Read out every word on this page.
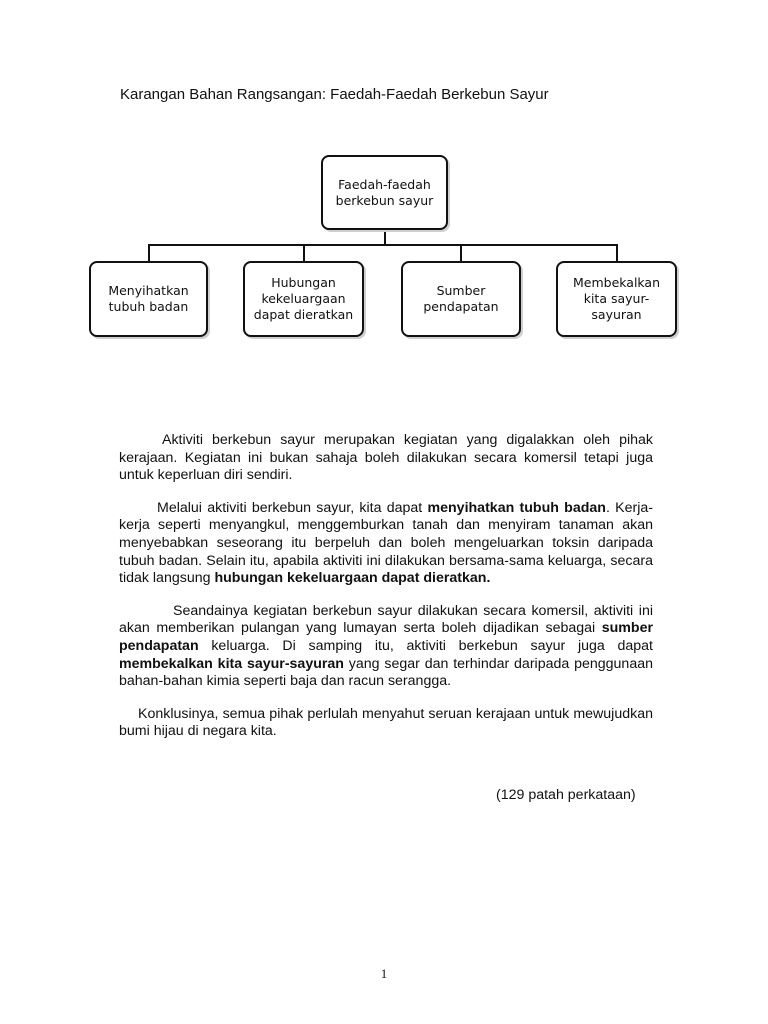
Karangan Bahan Rangsangan: Faedah-Faedah Berkebun Sayur
Faedah-faedah
berkebun sayur
Menyihatkan
tubuh badan
Hubungan
kekeluargaan
dapat dieratkan
Sumber
pendapatan
Membekalkan
kita sayur-
sayuran

Aktiviti berkebun sayur merupakan kegiatan yang digalakkan oleh pihak kerajaan. Kegiatan ini bukan sahaja boleh dilakukan secara komersil tetapi juga untuk keperluan diri sendiri.

Melalui aktiviti berkebun sayur, kita dapat menyihatkan tubuh badan. Kerja-kerja seperti menyangkul, menggemburkan tanah dan menyiram tanaman akan menyebabkan seseorang itu berpeluh dan boleh mengeluarkan toksin daripada tubuh badan. Selain itu, apabila aktiviti ini dilakukan bersama-sama keluarga, secara tidak langsung hubungan kekeluargaan dapat dieratkan.

Seandainya kegiatan berkebun sayur dilakukan secara komersil, aktiviti ini akan memberikan pulangan yang lumayan serta boleh dijadikan sebagai sumber pendapatan keluarga. Di samping itu, aktiviti berkebun sayur juga dapat membekalkan kita sayur-sayuran yang segar dan terhindar daripada penggunaan bahan-bahan kimia seperti baja dan racun serangga.

Konklusinya, semua pihak perlulah menyahut seruan kerajaan untuk mewujudkan bumi hijau di negara kita.

(129 patah perkataan)
1
